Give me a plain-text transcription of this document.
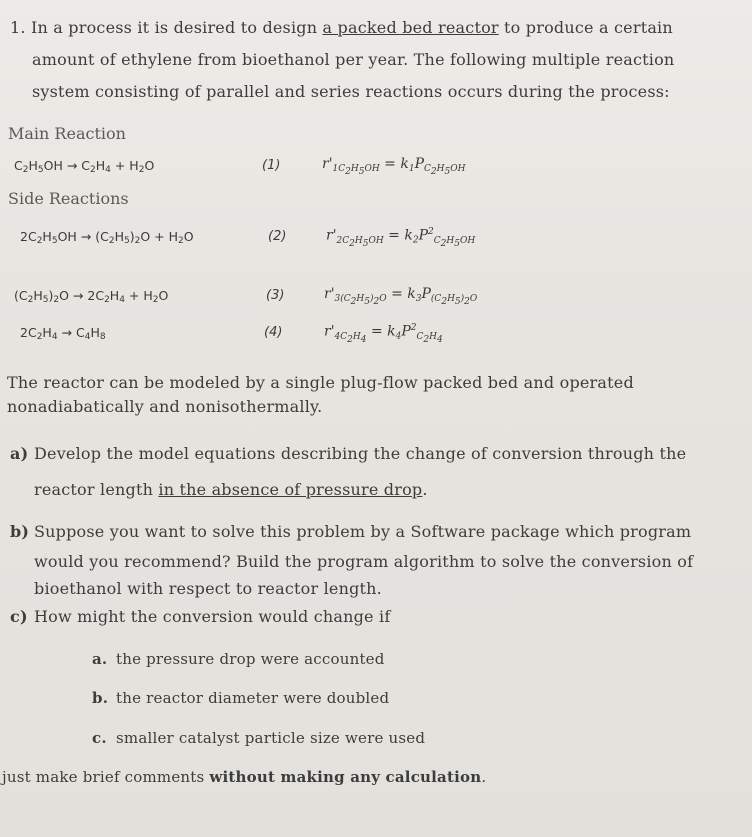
1. In a process it is desired to design a packed bed reactor to produce a certain
amount of ethylene from bioethanol per year. The following multiple reaction
system consisting of parallel and series reactions occurs during the process:
Main Reaction
$C_2H_5OH \to C_2H_4 + H_2O$	(1)	$r'_{1C_2H_5OH} = k_1P_{C_2H_5OH}$
Side Reactions
$2C_2H_5OH \to (C_2H_5)_2O + H_2O$	(2)	$r'_{2C_2H_5OH} = k_2P^2_{C_2H_5OH}$
$(C_2H_5)_2O \to 2C_2H_4 + H_2O$	(3)	$r'_{3(C_2H_5)_2O} = k_3P_{(C_2H_5)_2O}$
$2C_2H_4 \to C_4H_8$	(4)	$r'_{4C_2H_4} = k_4P^2_{C_2H_4}$
The reactor can be modeled by a single plug-flow packed bed and operated
nonadiabatically and nonisothermally.
a) Develop the model equations describing the change of conversion through the
reactor length in the absence of pressure drop.
b) Suppose you want to solve this problem by a Software package which program
would you recommend? Build the program algorithm to solve the conversion of
bioethanol with respect to reactor length.
c) How might the conversion would change if
a. the pressure drop were accounted
b. the reactor diameter were doubled
c. smaller catalyst particle size were used
just make brief comments without making any calculation.
